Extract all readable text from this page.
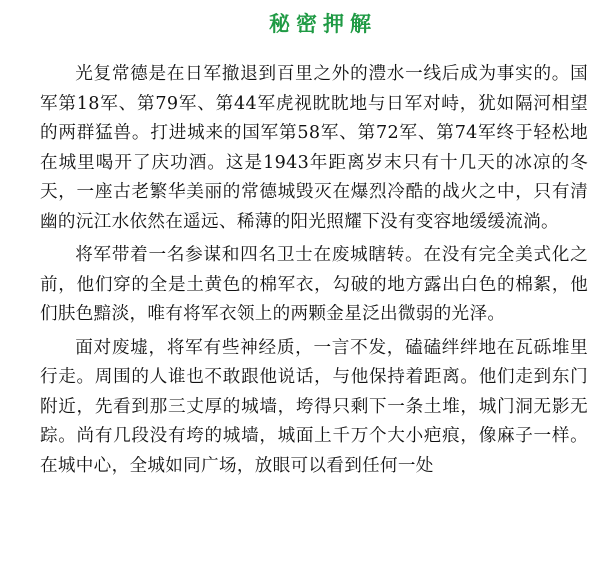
秘密押解

光复常德是在日军撤退到百里之外的澧水一线后成为事实的。国军第18军、第79军、第44军虎视眈眈地与日军对峙，犹如隔河相望的两群猛兽。打进城来的国军第58军、第72军、第74军终于轻松地在城里喝开了庆功酒。这是1943年距离岁末只有十几天的冰凉的冬天，一座古老繁华美丽的常德城毁灭在爆烈冷酷的战火之中，只有清幽的沅江水依然在遥远、稀薄的阳光照耀下没有变容地缓缓流淌。

将军带着一名参谋和四名卫士在废城瞎转。在没有完全美式化之前，他们穿的全是土黄色的棉军衣，勾破的地方露出白色的棉絮，他们肤色黯淡，唯有将军衣领上的两颗金星泛出微弱的光泽。

面对废墟，将军有些神经质，一言不发，磕磕绊绊地在瓦砾堆里行走。周围的人谁也不敢跟他说话，与他保持着距离。他们走到东门附近，先看到那三丈厚的城墙，垮得只剩下一条土堆，城门洞无影无踪。尚有几段没有垮的城墙，城面上千万个大小疤痕，像麻子一样。在城中心，全城如同广场，放眼可以看到任何一处
